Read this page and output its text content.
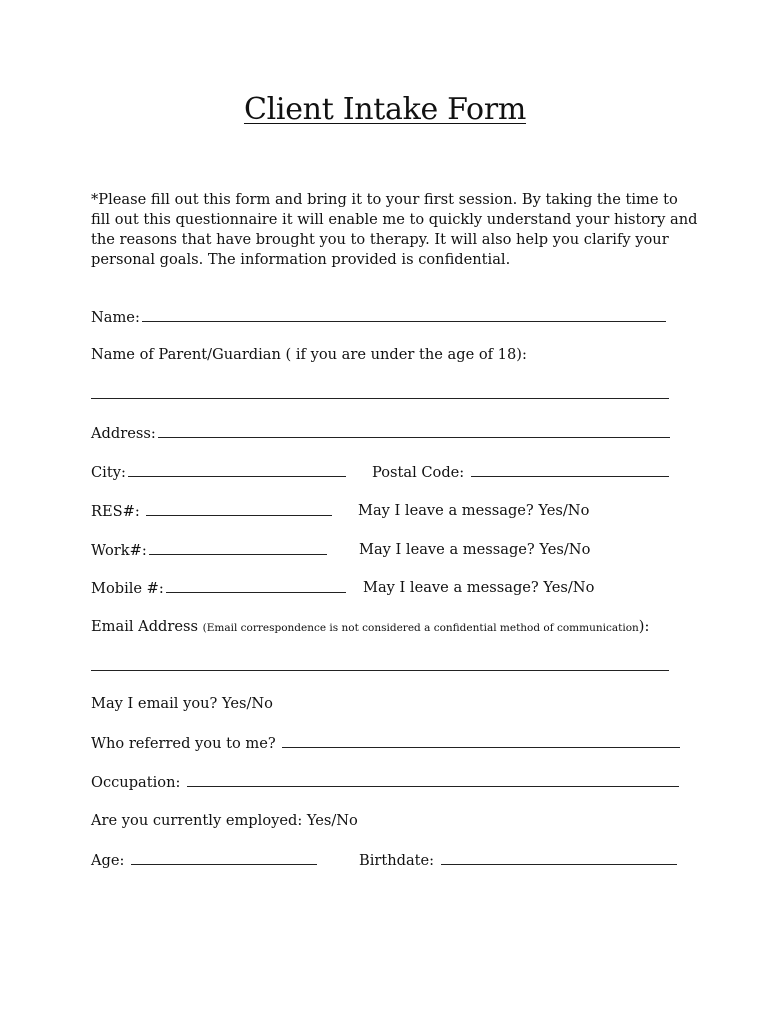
Client Intake Form
*Please fill out this form and bring it to your first session. By taking the time to
fill out this questionnaire it will enable me to quickly understand your history and
the reasons that have brought you to therapy. It will also help you clarify your
personal goals. The information provided is confidential.
Name:
Name of Parent/Guardian ( if you are under the age of 18):
Address:
City:	Postal Code:
RES#:	May I leave a message? Yes/No
Work#:	May I leave a message? Yes/No
Mobile #:	May I leave a message? Yes/No
Email Address (Email correspondence is not considered a confidential method of communication):
May I email you? Yes/No
Who referred you to me?
Occupation:
Are you currently employed: Yes/No
Age:	Birthdate:
